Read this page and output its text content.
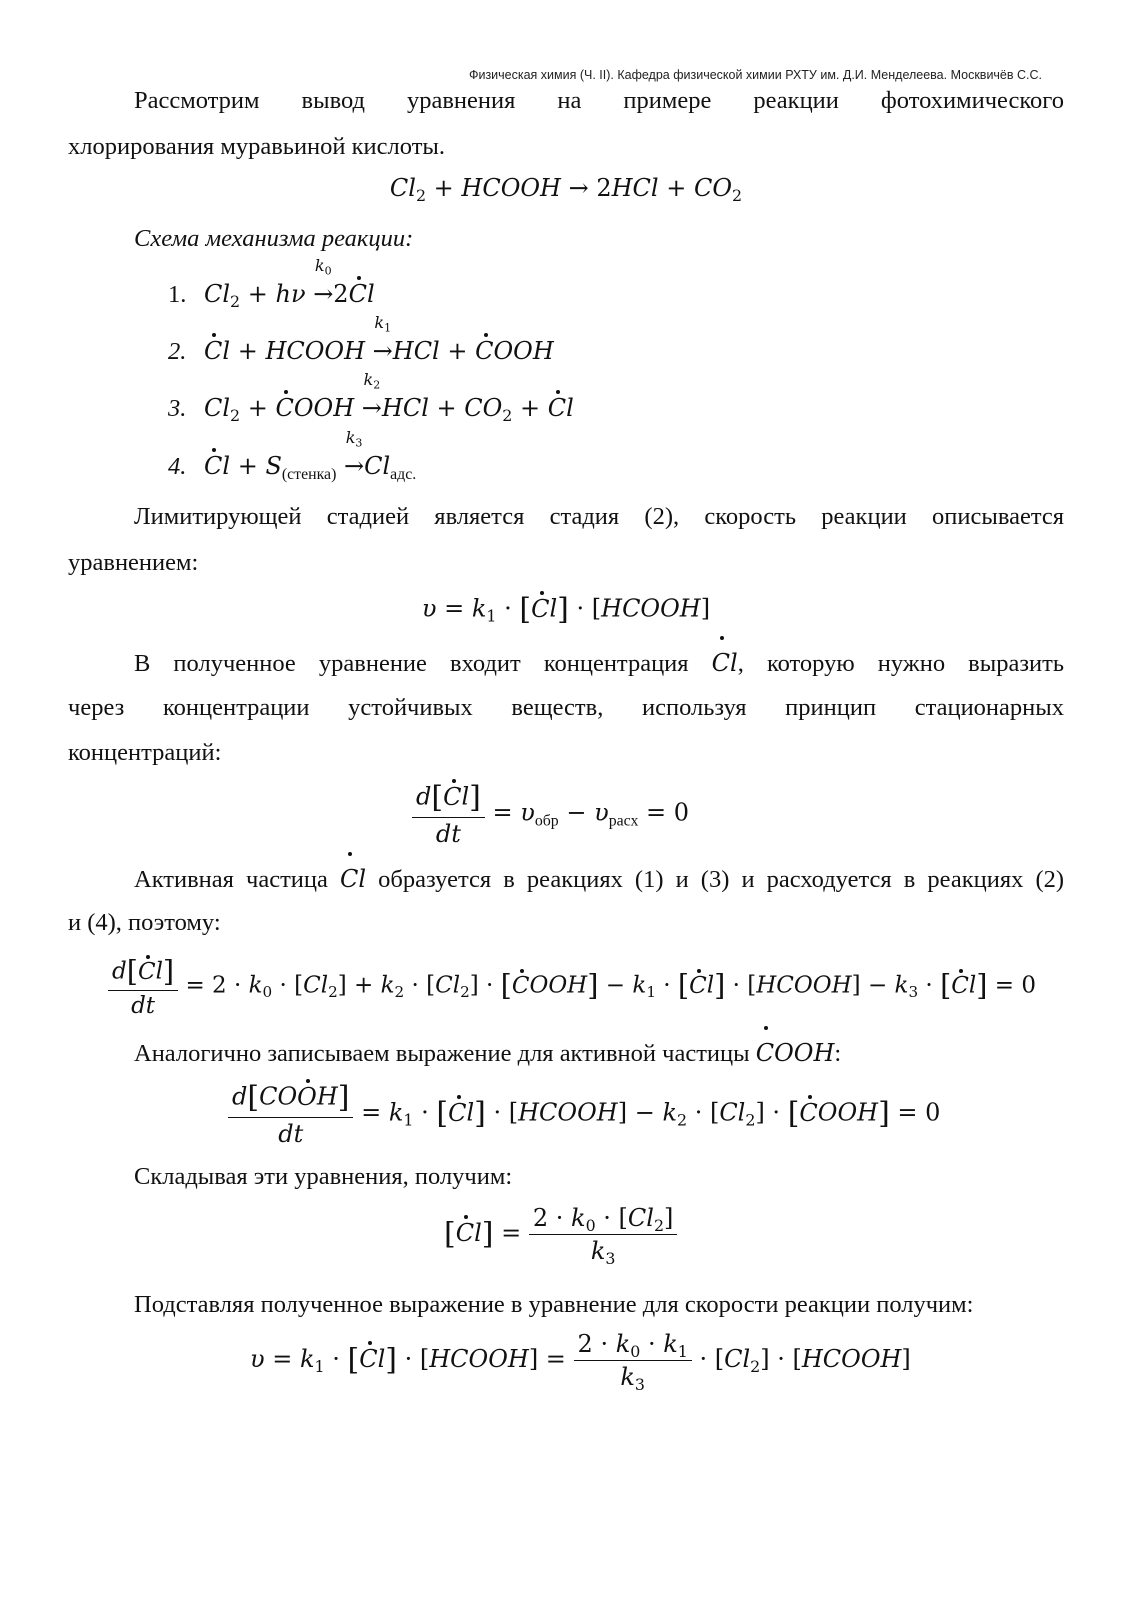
Физическая химия (Ч. II). Кафедра физической химии РХТУ им. Д.И. Менделеева. Москвичёв С.С.
Рассмотрим вывод уравнения на примере реакции фотохимического
хлорирования муравьиной кислоты.
$Cl_2$ + HCOOH → $2HCl + CO_2$
Схема механизма реакции:
1. $Cl_2 + h\nu$
$k_0$
→2Cl
2. Cl + HCOOH
$k_1$
→HCl + COOH
3. $Cl_2$ + COOH
$k_2$
$\to HCl + CO_2 + Cl$
4. $Cl + S_{(стенка)}$
$k_3$
$\to Cl_{адс.}$
Лимитирующей стадией является стадия (2), скорость реакции описывается
уравнением:
$\upsilon = k_1 \cdot [Cl]$ · [HCOOH]
В полученное уравнение входит концентрация Cl, которую нужно выразить
через концентрации устойчивых веществ, используя принцип стационарных
концентраций:
$\frac{d[Cl]}{dt} = \upsilon_{обр} - \upsilon_{расх} = 0$
Активная частица Cl образуется в реакциях (1) и (3) и расходуется в реакциях (2)
и (4), поэтому:
$\frac{d[Cl]}{dt} = 2 \cdot k_0 \cdot [Cl_2] + k_2 \cdot [Cl_2]$ · [COOH] − $k_1 \cdot [Cl]$ · [HCOOH] − $k_3 \cdot [Cl] = 0$
Аналогично записываем выражение для активной частицы COOH:
$\frac{\text{d[COOH]}}{dt} = k_1 \cdot [Cl]$ · [HCOOH] − $k_2 \cdot [Cl_2]$ · [COOH] = 0
Складывая эти уравнения, получим:
$[Cl] = \frac{2 \cdot k_0 \cdot [Cl_2]}{k_3}$
Подставляя полученное выражение в уравнение для скорости реакции получим:
$\upsilon = k_1 \cdot [Cl]$ · [HCOOH] = $\frac{2 \cdot k_0 \cdot k_1}{k_3} \cdot [Cl_2]$ · [HCOOH]
